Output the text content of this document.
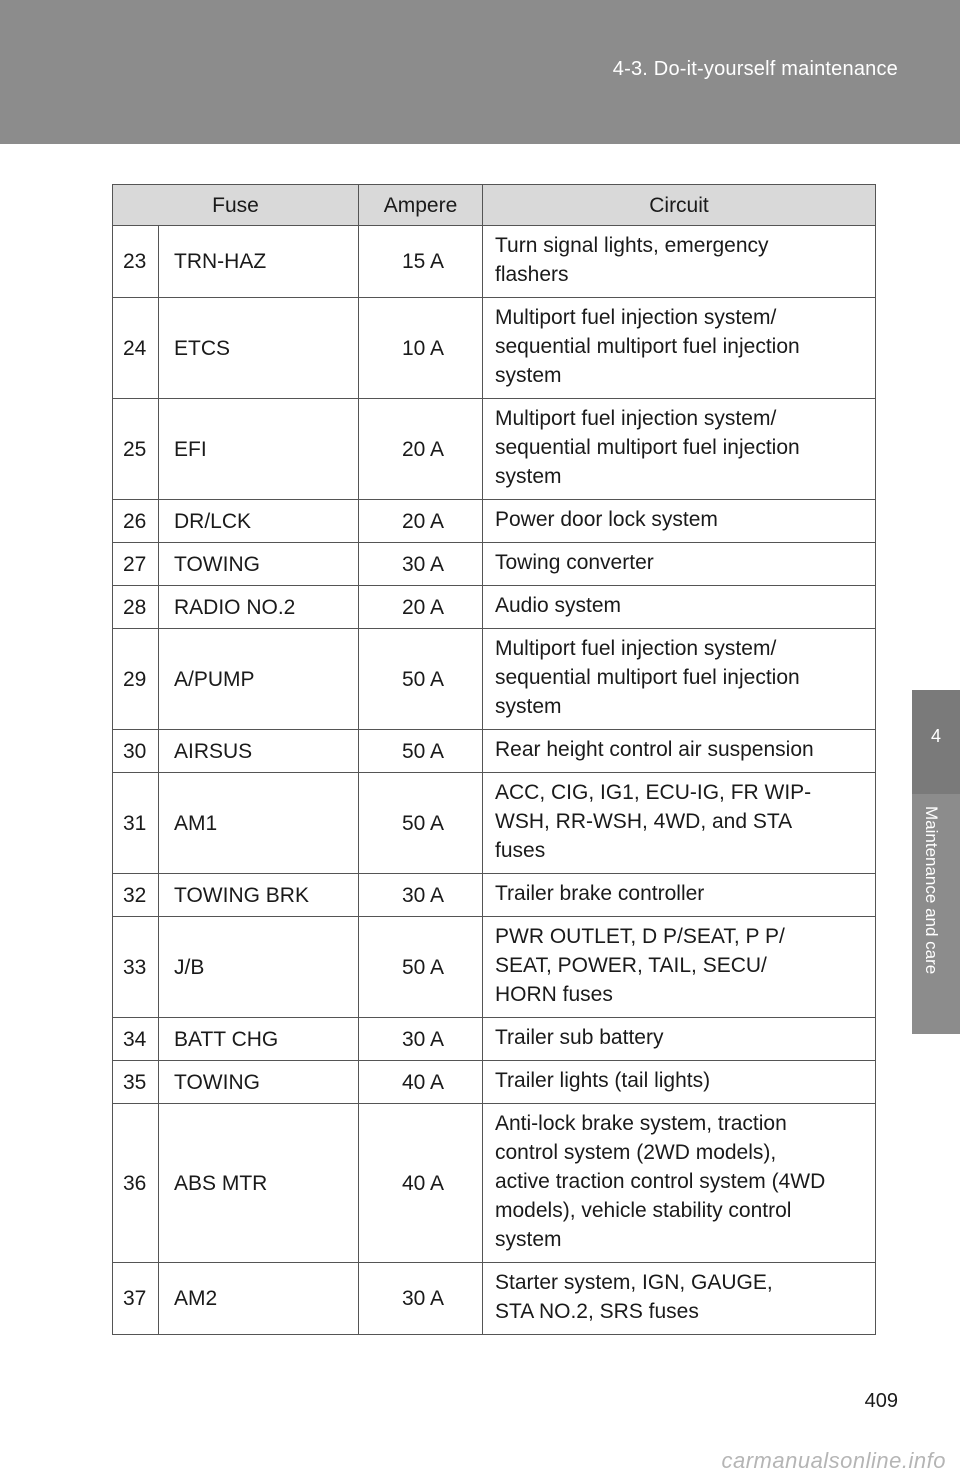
4-3. Do-it-yourself maintenance
4
Maintenance and care
Fuse		Ampere	Circuit
23	TRN-HAZ	15 A	Turn signal lights, emergency
flashers

24	ETCS	10 A	Multiport fuel injection system/
sequential multiport fuel injection
system

25	EFI	20 A	Multiport fuel injection system/
sequential multiport fuel injection
system

26	DR/LCK	20 A	Power door lock system

27	TOWING	30 A	Towing converter

28	RADIO NO.2	20 A	Audio system

29	A/PUMP	50 A	Multiport fuel injection system/
sequential multiport fuel injection
system

30	AIRSUS	50 A	Rear height control air suspension

31	AM1	50 A	ACC, CIG, IG1, ECU-IG, FR WIP-
WSH, RR-WSH, 4WD, and STA
fuses

32	TOWING BRK	30 A	Trailer brake controller

33	J/B	50 A	PWR OUTLET, D P/SEAT, P P/
SEAT, POWER, TAIL, SECU/
HORN fuses

34	BATT CHG	30 A	Trailer sub battery

35	TOWING	40 A	Trailer lights (tail lights)

36	ABS MTR	40 A	Anti-lock brake system, traction
control system (2WD models),
active traction control system (4WD
models), vehicle stability control
system

37	AM2	30 A	Starter system, IGN, GAUGE,
STA NO.2, SRS fuses
409
carmanualsonline.info
